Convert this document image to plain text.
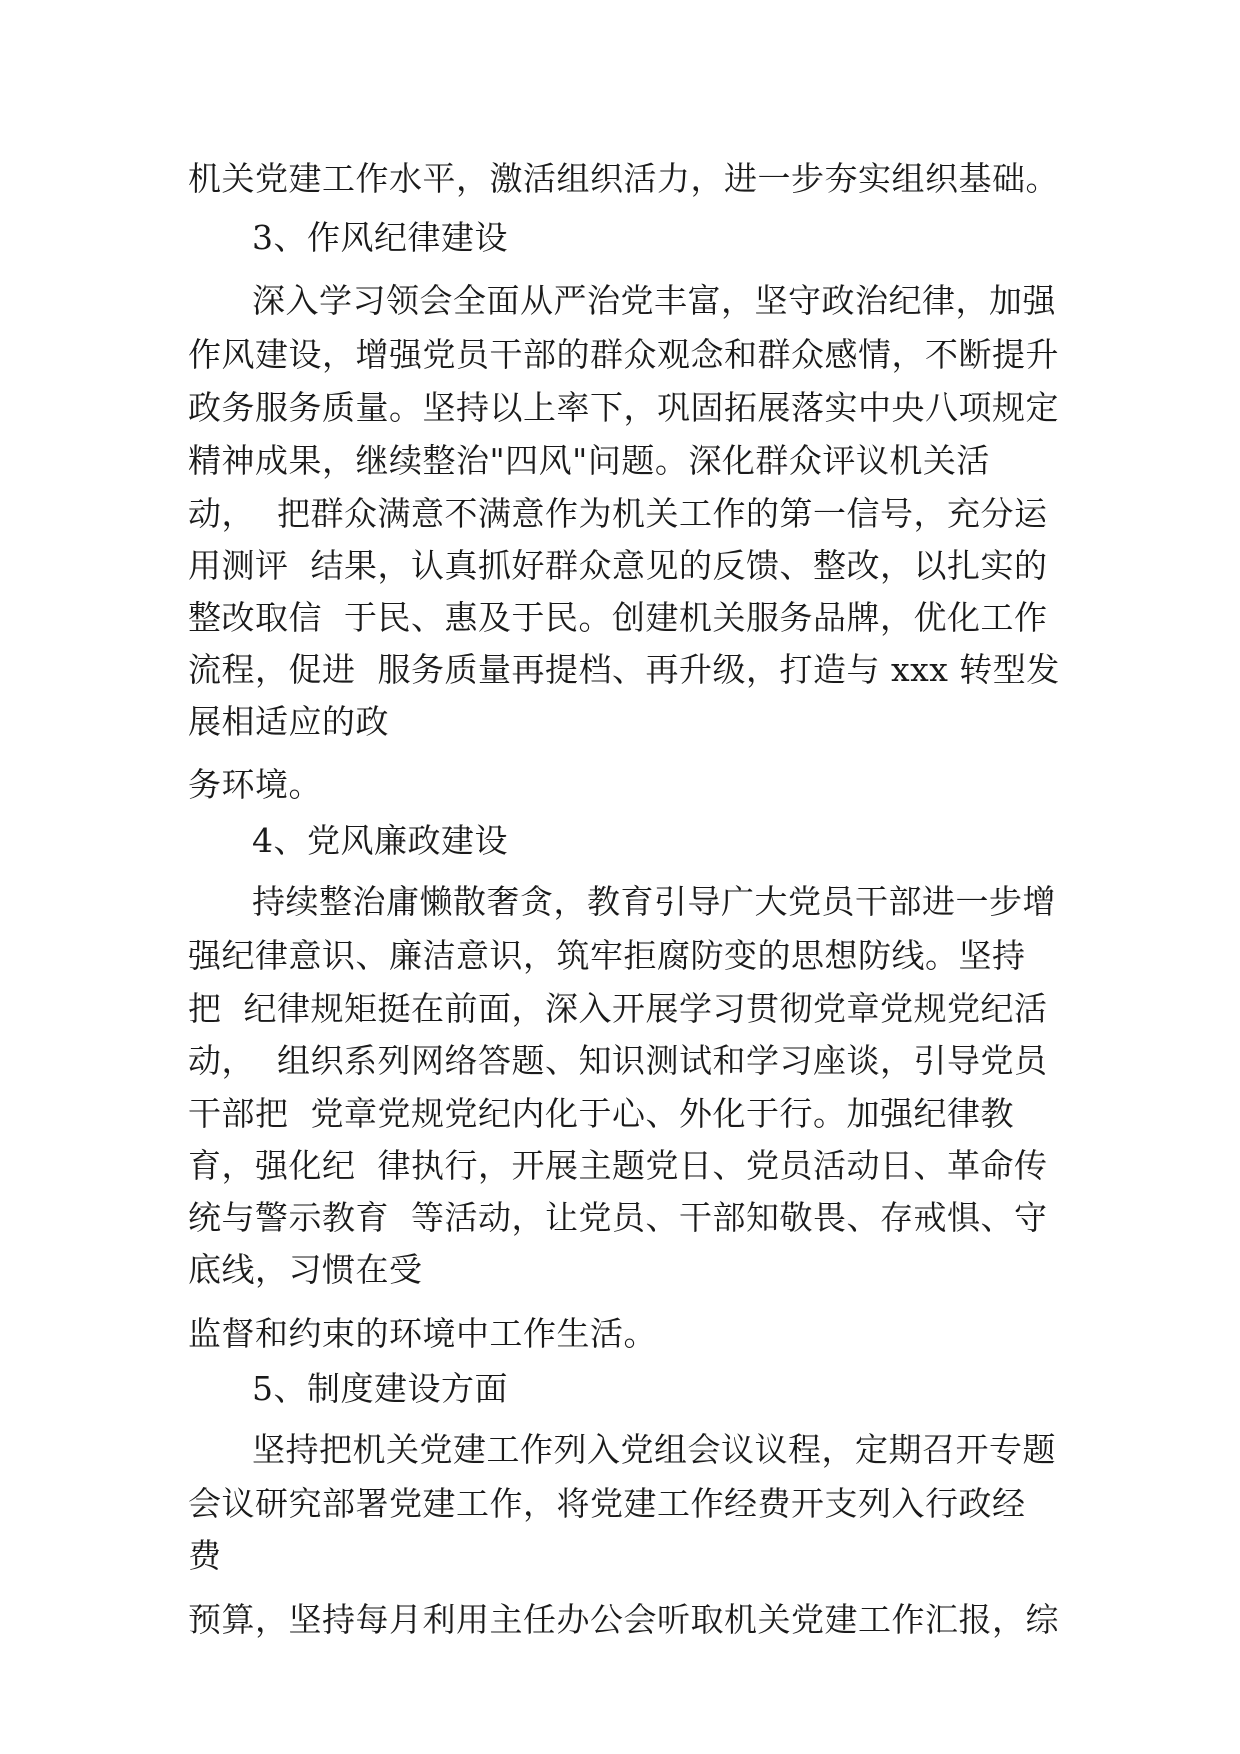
机关党建工作水平，激活组织活力，进一步夯实组织基础。

3、作风纪律建设

深入学习领会全面从严治党丰富，坚守政治纪律，加强

作风建设，增强党员干部的群众观念和群众感情，不断提升

政务服务质量。坚持以上率下，巩固拓展落实中央八项规定

精神成果，继续整治"四风"问题。深化群众评议机关活

动，  把群众满意不满意作为机关工作的第一信号，充分运

用测评  结果，认真抓好群众意见的反馈、整改，以扎实的

整改取信  于民、惠及于民。创建机关服务品牌，优化工作

流程，促进  服务质量再提档、再升级，打造与 xxx 转型发

展相适应的政

务环境。

4、党风廉政建设

持续整治庸懒散奢贪，教育引导广大党员干部进一步增

强纪律意识、廉洁意识，筑牢拒腐防变的思想防线。坚持

把  纪律规矩挺在前面，深入开展学习贯彻党章党规党纪活

动，  组织系列网络答题、知识测试和学习座谈，引导党员

干部把  党章党规党纪内化于心、外化于行。加强纪律教

育，强化纪  律执行，开展主题党日、党员活动日、革命传

统与警示教育  等活动，让党员、干部知敬畏、存戒惧、守

底线，习惯在受

监督和约束的环境中工作生活。

5、制度建设方面

坚持把机关党建工作列入党组会议议程，定期召开专题

会议研究部署党建工作，将党建工作经费开支列入行政经

费

预算，坚持每月利用主任办公会听取机关党建工作汇报，综
